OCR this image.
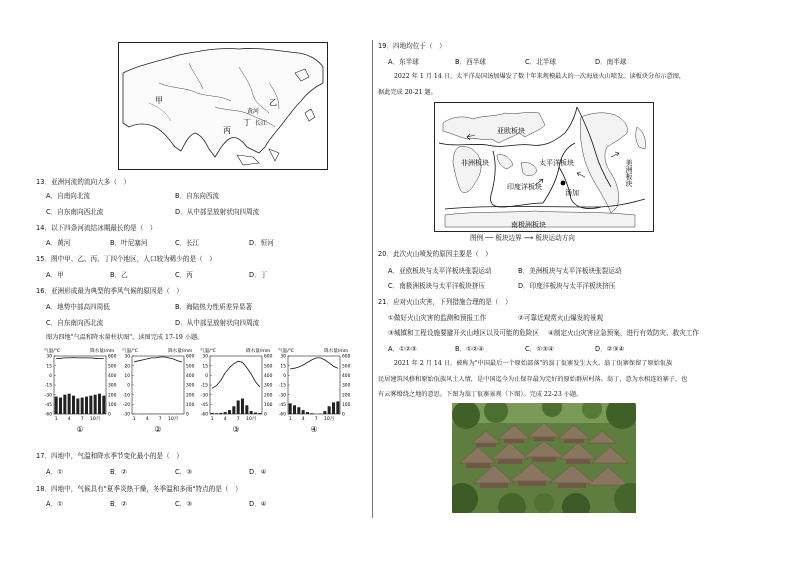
甲	乙
丙
丁
黄河
长江
13．亚洲河流的流向大多（　）
A．自南向北流	B．自东向西流
C．自东南向西北流	D．从中部呈放射状向四周流
14．以下四条河流结冰期最长的是（　）
A．黄河	B．叶尼塞河	C．长江	D．恒河
15．图中甲、乙、丙、丁四个地区，人口较为稀少的是（　）
A．甲	B．乙	C．丙	D．丁
16．亚洲形成最为典型的季风气候的原因是（　）
A．地势中部高四周低	B．海陆热力性质差异显著
C．自东南向西北流	D．从中部呈放射状向四周流
图为四地"气温和降水量柱状图"，读图完成 17-19 小题。
气温/℃	降水量/mm
30
15
0
-15
-30
-45
-60
600
500
400
300
200
100
0
1 4 7 10月
①
气温/℃	降水量/mm
30
20
10
0
-10
-20
-30
600
500
400
300
200
100
0
1 4 7 10月
②
气温/℃	降水量/mm
30
15
0
-15
-30
-45
-60
600
500
400
300
200
100
0
1 4 7 10月
③
气温/℃	降水量/mm
30
15
0
-15
-30
-45
-60
600
500
400
300
200
100
0
1 4 7 10月
④
17．四地中，气温和降水季节变化最小的是（　）
A．①	B．②	C．③	D．④
18．四地中，气候具有"夏季炎热干燥，冬季温和多雨"特点的是（　）
A．①	B．②	C．③	D．④
19．四地均位于（　）
A．东半球	B．西半球	C．北半球	D．南半球
2022 年 1 月 14 日，太平洋岛国汤加爆发了数十年来规模最大的一次海底火山喷发。读板块分布示意图，
据此完成 20-21 题。
亚欧板块
非洲板块	太平洋板块	美洲板块
印度洋板块
南极洲板块
汤加
图例 ── 板块边界 ⟶ 板块运动方向
20．此次火山喷发的原因主要是（　）
A．亚欧板块与太平洋板块张裂运动	B．美洲板块与太平洋板块张裂运动
C．南极洲板块与太平洋板块挤压	D．印度洋板块与太平洋板块挤压
21．应对火山灾害，下列措施合理的是（　）
①做好火山灾害的监测和预报工作	②可靠近观赏火山爆发的景观
③城镇和工程设施要避开火山地区以及可能的危险区 ④制定火山灾害应急预案，进行有效防灾、救灾工作
A．①②③	B．①②④	C．①③④	D．②③④
2021 年 2 月 14 日，被称为"中国最后一个原始部落"的翁丁佤寨发生大火。翁丁佤寨保留了原始佤族
民居建筑风格和原始佤族风土人情，是中国迄今为止保存最为完好的原始群居村落。翁丁，意为水相连的寨子，也
有云雾缭绕之地的意思。下图为翁丁佤寨景观（下图）。完成 22-23 小题。
